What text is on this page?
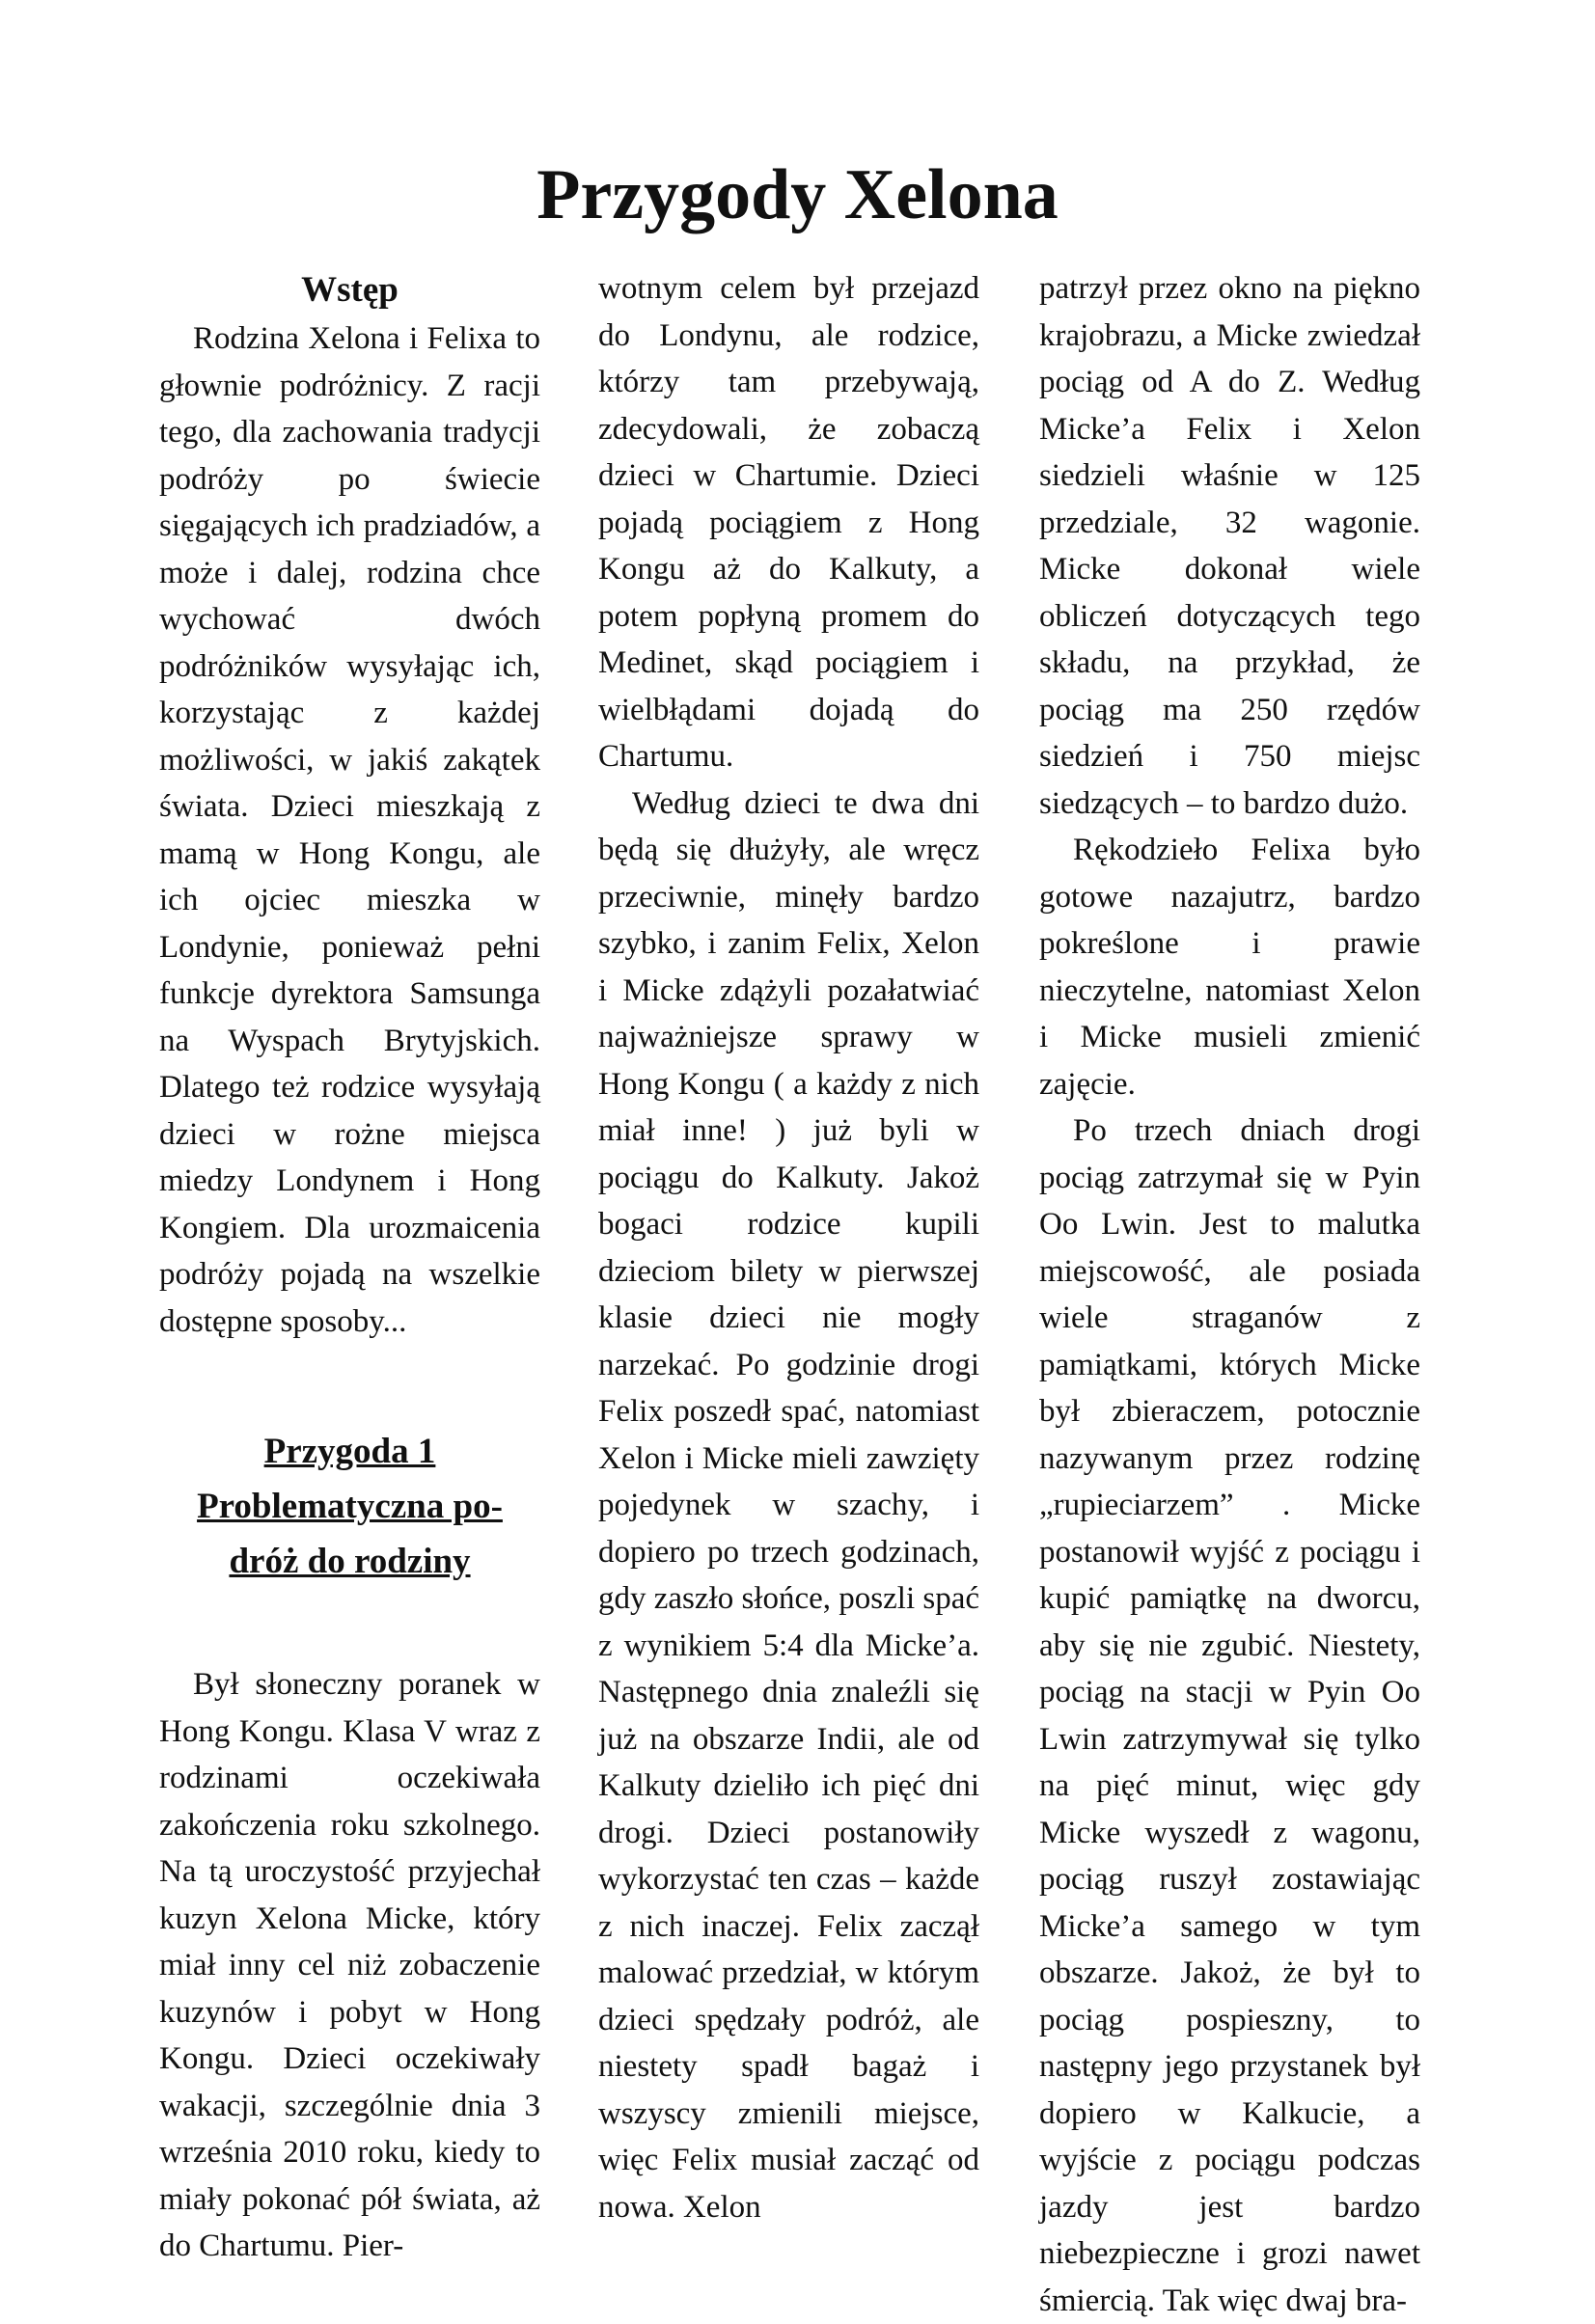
Przygody Xelona
Wstęp

Rodzina Xelona i Felixa to głownie podróżnicy. Z racji tego, dla zachowania tradycji podróży po świecie sięgających ich pradziadów, a może i dalej, rodzina chce wychować dwóch podróżników wysyłając ich, korzystając z każdej możliwości, w jakiś zakątek świata. Dzieci mieszkają z mamą w Hong Kongu, ale ich ojciec mieszka w Londynie, ponieważ pełni funkcje dyrektora Samsunga na Wyspach Brytyjskich. Dlatego też rodzice wysyłają dzieci w rożne miejsca miedzy Londynem i Hong Kongiem. Dla urozmaicenia podróży pojadą na wszelkie dostępne sposoby...

Przygoda 1
Problematyczna po-
dróż do rodziny

Był słoneczny poranek w Hong Kongu. Klasa V wraz z rodzinami oczekiwała zakończenia roku szkolnego. Na tą uroczystość przyjechał kuzyn Xelona Micke, który miał inny cel niż zobaczenie kuzynów i pobyt w Hong Kongu. Dzieci oczekiwały wakacji, szczególnie dnia 3 września 2010 roku, kiedy to miały pokonać pół świata, aż do Chartumu. Pier-

wotnym celem był przejazd do Londynu, ale rodzice, którzy tam przebywają, zdecydowali, że zobaczą dzieci w Chartumie. Dzieci pojadą pociągiem z Hong Kongu aż do Kalkuty, a potem popłyną promem do Medinet, skąd pociągiem i wielbłądami dojadą do Chartumu.

Według dzieci te dwa dni będą się dłużyły, ale wręcz przeciwnie, minęły bardzo szybko, i zanim Felix, Xelon i Micke zdążyli pozałatwiać najważniejsze sprawy w Hong Kongu ( a każdy z nich miał inne! ) już byli w pociągu do Kalkuty. Jakoż bogaci rodzice kupili dzieciom bilety w pierwszej klasie dzieci nie mogły narzekać. Po godzinie drogi Felix poszedł spać, natomiast Xelon i Micke mieli zawzięty pojedynek w szachy, i dopiero po trzech godzinach, gdy zaszło słońce, poszli spać z wynikiem 5:4 dla Micke’a. Następnego dnia znaleźli się już na obszarze Indii, ale od Kalkuty dzieliło ich pięć dni drogi. Dzieci postanowiły wykorzystać ten czas – każde z nich inaczej. Felix zaczął malować przedział, w którym dzieci spędzały podróż, ale niestety spadł bagaż i wszyscy zmienili miejsce, więc Felix musiał zacząć od nowa. Xelon

patrzył przez okno na piękno krajobrazu, a Micke zwiedzał pociąg od A do Z. Według Micke’a Felix i Xelon siedzieli właśnie w 125 przedziale, 32 wagonie. Micke dokonał wiele obliczeń dotyczących tego składu, na przykład, że pociąg ma 250 rzędów siedzień i 750 miejsc siedzących – to bardzo dużo.

Rękodzieło Felixa było gotowe nazajutrz, bardzo pokreślone i prawie nieczytelne, natomiast Xelon i Micke musieli zmienić zajęcie.

Po trzech dniach drogi pociąg zatrzymał się w Pyin Oo Lwin. Jest to malutka miejscowość, ale posiada wiele straganów z pamiątkami, których Micke był zbieraczem, potocznie nazywanym przez rodzinę „rupieciarzem” . Micke postanowił wyjść z pociągu i kupić pamiątkę na dworcu, aby się nie zgubić. Niestety, pociąg na stacji w Pyin Oo Lwin zatrzymywał się tylko na pięć minut, więc gdy Micke wyszedł z wagonu, pociąg ruszył zostawiając Micke’a samego w tym obszarze. Jakoż, że był to pociąg pospieszny, to następny jego przystanek był dopiero w Kalkucie, a wyjście z pociągu podczas jazdy jest bardzo niebezpieczne i grozi nawet śmiercią. Tak więc dwaj bra-
